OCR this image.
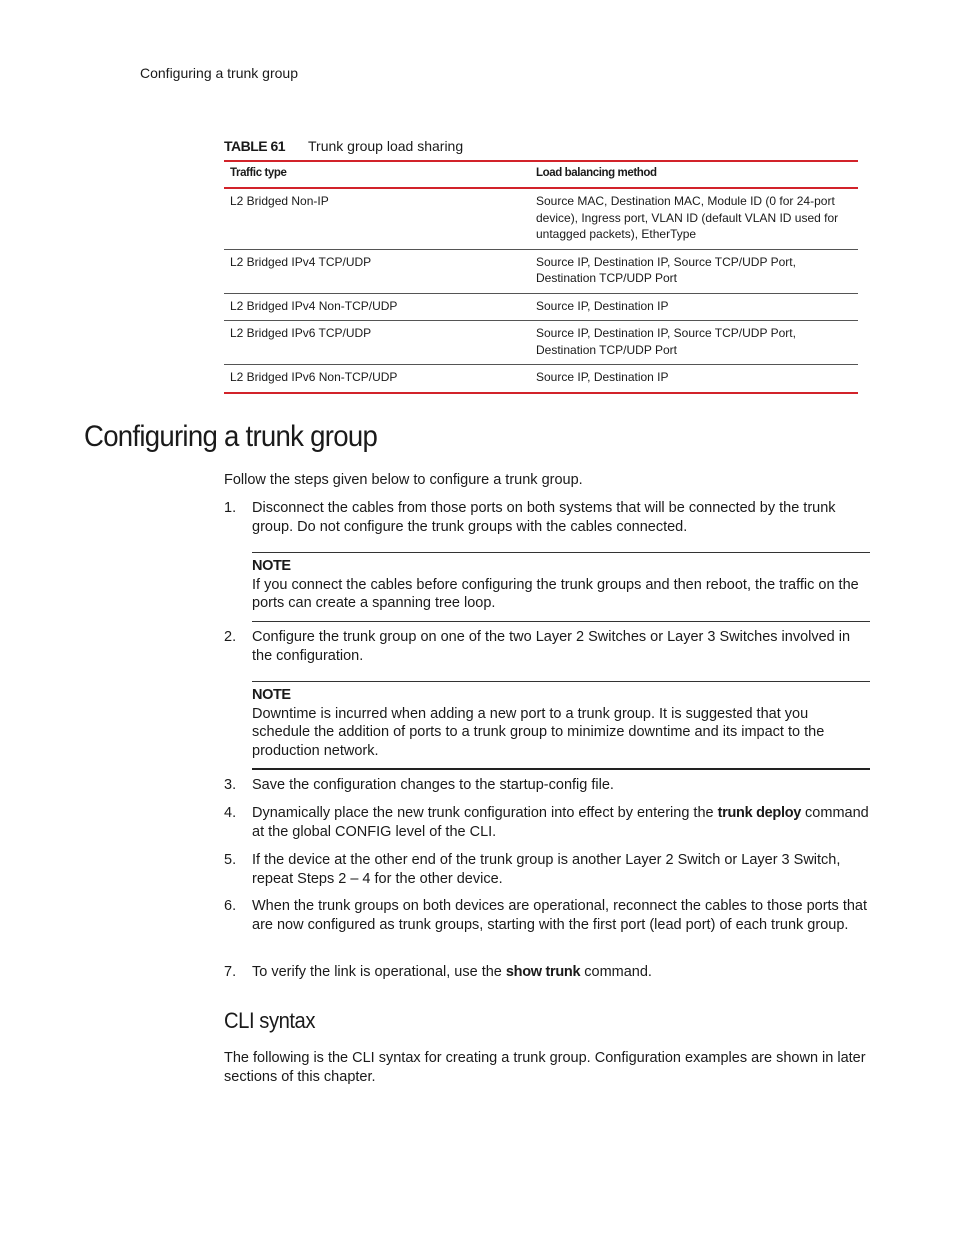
Configuring a trunk group
TABLE 61 Trunk group load sharing
Traffic type	Load balancing method
L2 Bridged Non-IP	Source MAC, Destination MAC, Module ID (0 for 24-port device), Ingress port, VLAN ID (default VLAN ID used for untagged packets), EtherType
L2 Bridged IPv4 TCP/UDP	Source IP, Destination IP, Source TCP/UDP Port, Destination TCP/UDP Port
L2 Bridged IPv4 Non-TCP/UDP	Source IP, Destination IP
L2 Bridged IPv6 TCP/UDP	Source IP, Destination IP, Source TCP/UDP Port, Destination TCP/UDP Port
L2 Bridged IPv6 Non-TCP/UDP	Source IP, Destination IP
Configuring a trunk group
Follow the steps given below to configure a trunk group.
1. Disconnect the cables from those ports on both systems that will be connected by the trunk group. Do not configure the trunk groups with the cables connected.
NOTE
If you connect the cables before configuring the trunk groups and then reboot, the traffic on the ports can create a spanning tree loop.
2. Configure the trunk group on one of the two Layer 2 Switches or Layer 3 Switches involved in the configuration.
NOTE
Downtime is incurred when adding a new port to a trunk group. It is suggested that you schedule the addition of ports to a trunk group to minimize downtime and its impact to the production network.
3. Save the configuration changes to the startup-config file.
4. Dynamically place the new trunk configuration into effect by entering the trunk deploy command at the global CONFIG level of the CLI.
5. If the device at the other end of the trunk group is another Layer 2 Switch or Layer 3 Switch, repeat Steps 2 – 4 for the other device.
6. When the trunk groups on both devices are operational, reconnect the cables to those ports that are now configured as trunk groups, starting with the first port (lead port) of each trunk group.
7. To verify the link is operational, use the show trunk command.
CLI syntax
The following is the CLI syntax for creating a trunk group. Configuration examples are shown in later sections of this chapter.
